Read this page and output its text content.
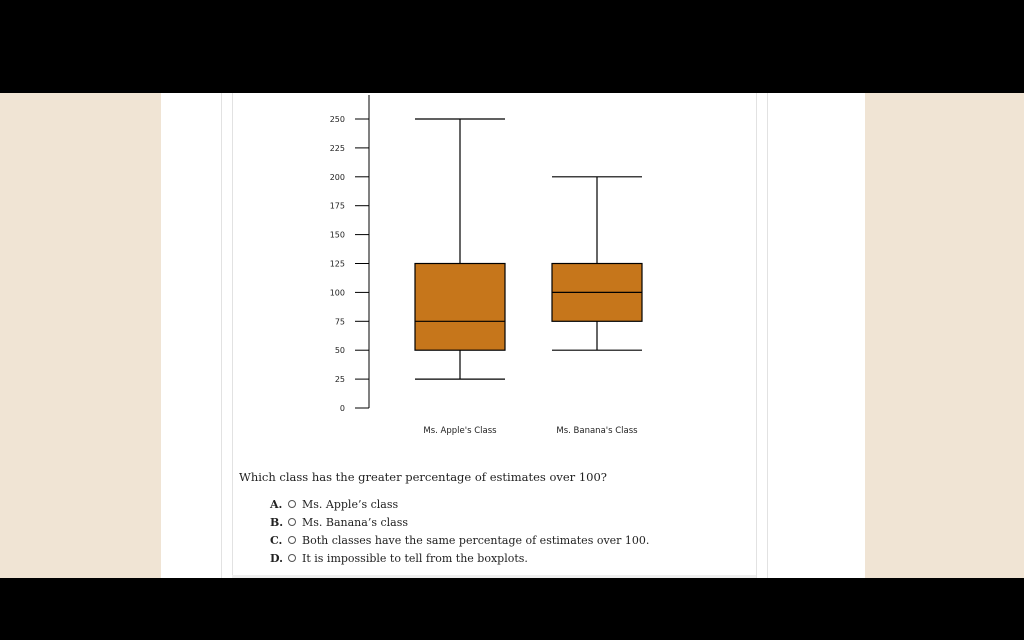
0
25
50
75
100
125
150
175
200
225
250
Ms. Apple's Class	Ms. Banana's Class

Which class has the greater percentage of estimates over 100?

A.	Ms. Apple’s class
B.	Ms. Banana’s class
C.	Both classes have the same percentage of estimates over 100.
D.	It is impossible to tell from the boxplots.
